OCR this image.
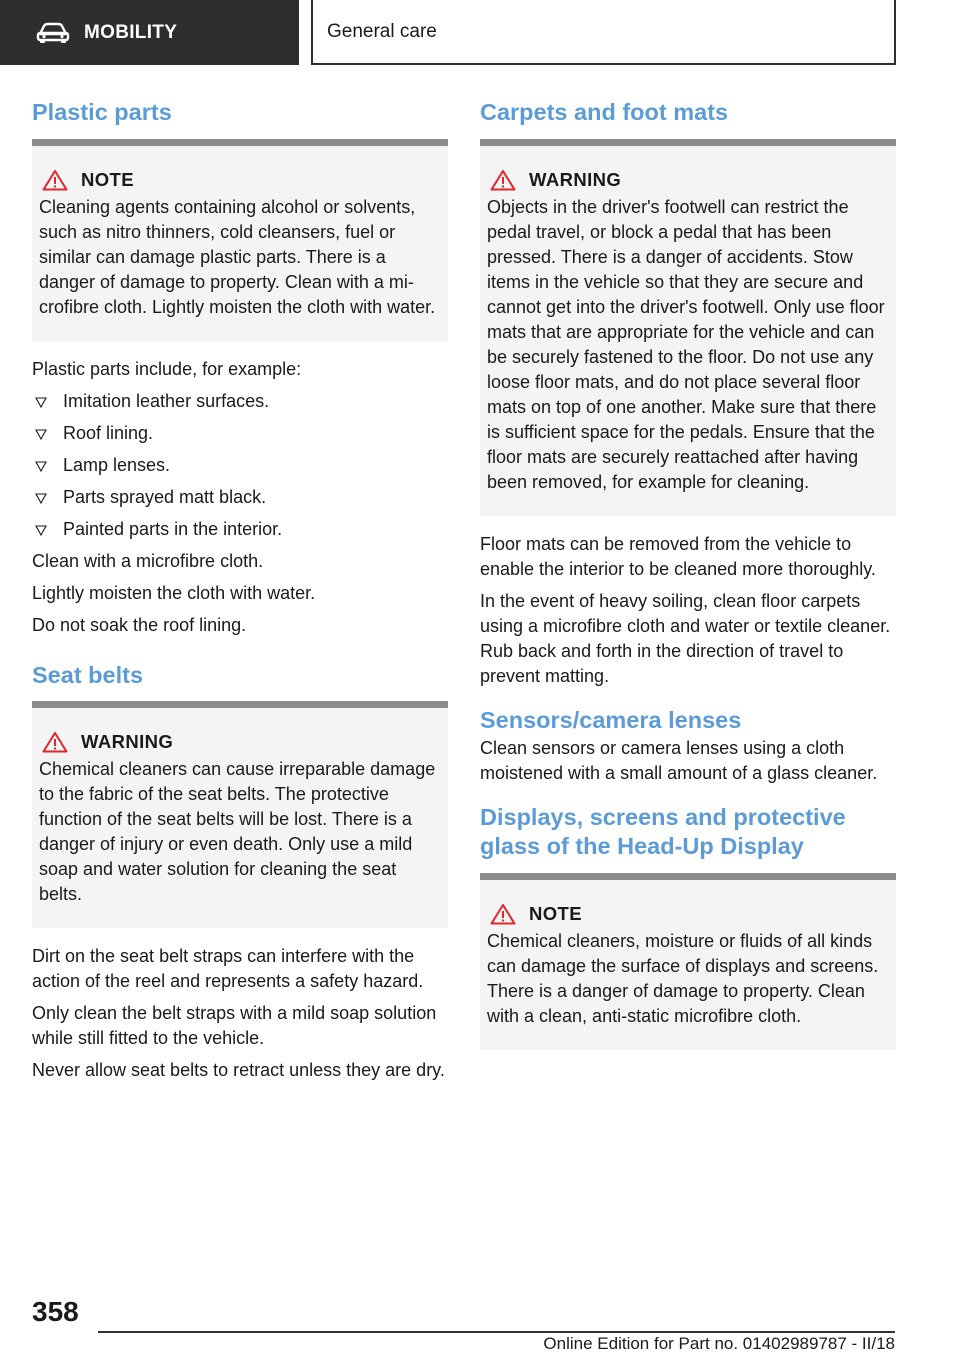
MOBILITY	General care
Plastic parts
NOTE
Cleaning agents containing alcohol or solvents, such as nitro thinners, cold cleansers, fuel or similar can damage plastic parts. There is a danger of damage to property. Clean with a microfibre cloth. Lightly moisten the cloth with water.

Plastic parts include, for example:

Imitation leather surfaces.
Roof lining.
Lamp lenses.
Parts sprayed matt black.
Painted parts in the interior.

Clean with a microfibre cloth.

Lightly moisten the cloth with water.

Do not soak the roof lining.

Seat belts
WARNING
Chemical cleaners can cause irreparable damage to the fabric of the seat belts. The protective function of the seat belts will be lost. There is a danger of injury or even death. Only use a mild soap and water solution for cleaning the seat belts.

Dirt on the seat belt straps can interfere with the action of the reel and represents a safety hazard.

Only clean the belt straps with a mild soap solution while still fitted to the vehicle.

Never allow seat belts to retract unless they are dry.

Carpets and foot mats
WARNING
Objects in the driver's footwell can restrict the pedal travel, or block a pedal that has been pressed. There is a danger of accidents. Stow items in the vehicle so that they are secure and cannot get into the driver's footwell. Only use floor mats that are appropriate for the vehicle and can be securely fastened to the floor. Do not use any loose floor mats, and do not place several floor mats on top of one another. Make sure that there is sufficient space for the pedals. Ensure that the floor mats are securely reattached after having been removed, for example for cleaning.

Floor mats can be removed from the vehicle to enable the interior to be cleaned more thoroughly.

In the event of heavy soiling, clean floor carpets using a microfibre cloth and water or textile cleaner. Rub back and forth in the direction of travel to prevent matting.

Sensors/camera lenses

Clean sensors or camera lenses using a cloth moistened with a small amount of a glass cleaner.

Displays, screens and protective glass of the Head-Up Display
NOTE
Chemical cleaners, moisture or fluids of all kinds can damage the surface of displays and screens. There is a danger of damage to property. Clean with a clean, anti-static microfibre cloth.
358
Online Edition for Part no. 01402989787 - II/18
